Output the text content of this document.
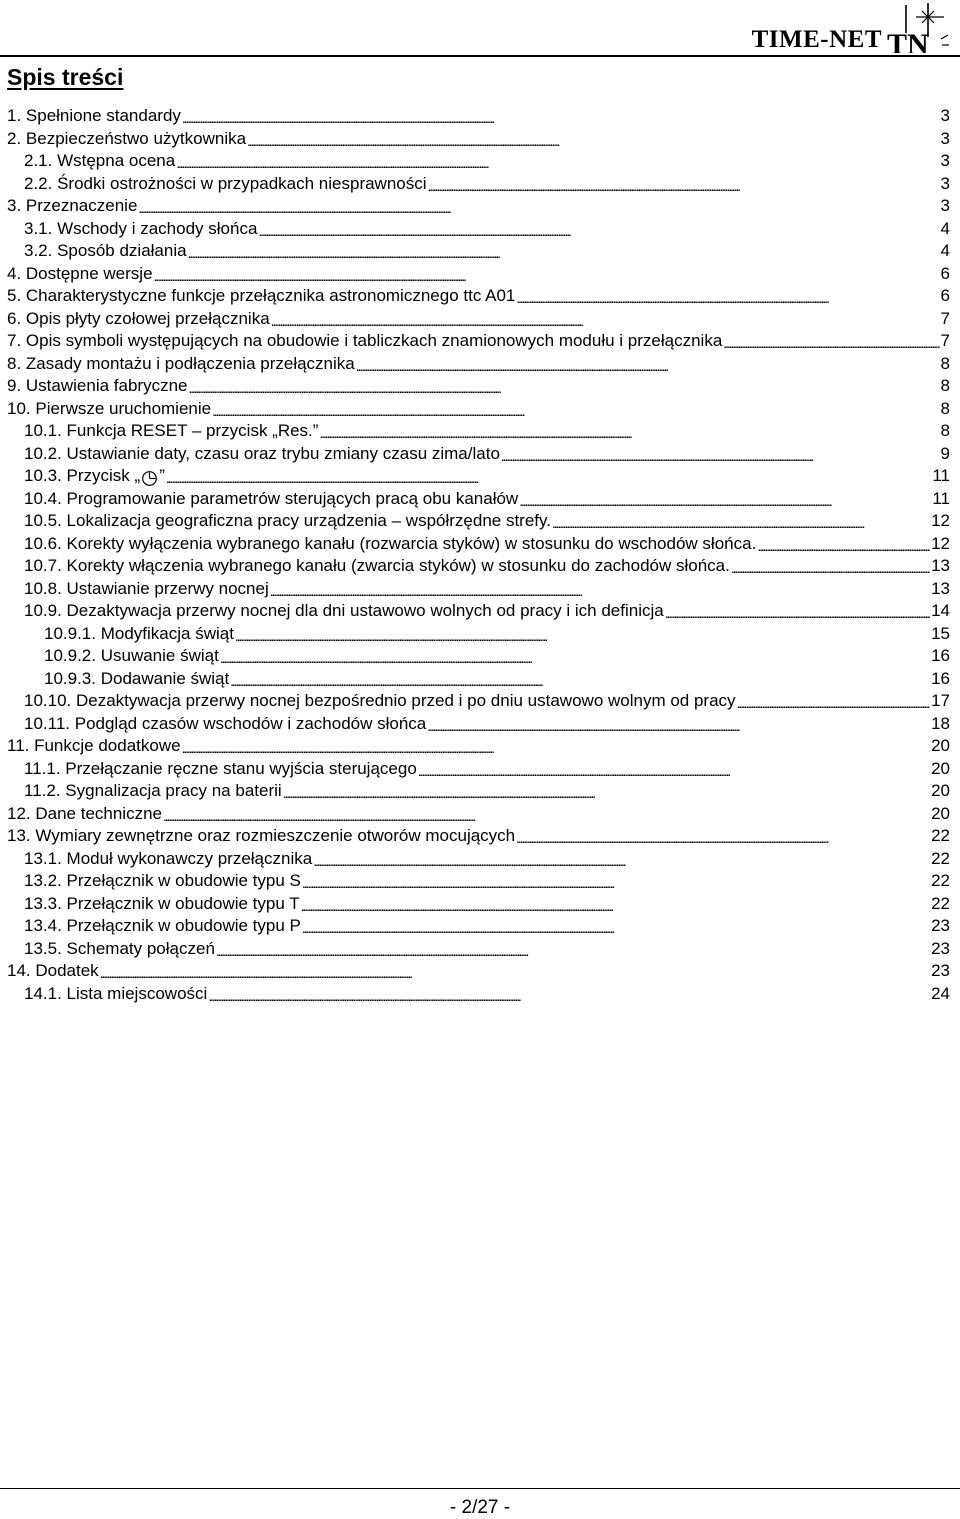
TIME-NET TN
Spis treści
1. Spełnione standardy . . .	3
2. Bezpieczeństwo użytkownika . . .	3
2.1. Wstępna ocena . . .	3
2.2. Środki ostrożności w przypadkach niesprawności . . .	3
3. Przeznaczenie . . .	3
3.1. Wschody i zachody słońca . . .	4
3.2. Sposób działania . . .	4
4. Dostępne wersje . . .	6
5. Charakterystyczne funkcje przełącznika astronomicznego ttc A01 . . .	6
6. Opis płyty czołowej przełącznika . . .	7
7. Opis symboli występujących na obudowie i tabliczkach znamionowych modułu i przełącznika . . .	7
8. Zasady montażu i podłączenia przełącznika . . .	8
9. Ustawienia fabryczne . . .	8
10. Pierwsze uruchomienie . . .	8
10.1. Funkcja RESET – przycisk „Res.” . . .	8
10.2. Ustawianie daty, czasu oraz trybu zmiany czasu zima/lato . . .	9
10.3. Przycisk „ ” . . .	11
10.4. Programowanie parametrów sterujących pracą obu kanałów . . .	11
10.5. Lokalizacja geograficzna pracy urządzenia – współrzędne strefy. . . .	12
10.6. Korekty wyłączenia wybranego kanału (rozwarcia styków) w stosunku do wschodów słońca. . . .	12
10.7. Korekty włączenia wybranego kanału (zwarcia styków) w stosunku do zachodów słońca. . . .	13
10.8. Ustawianie przerwy nocnej . . .	13
10.9. Dezaktywacja przerwy nocnej dla dni ustawowo wolnych od pracy i ich definicja . . .	14
10.9.1. Modyfikacja świąt . . .	15
10.9.2. Usuwanie świąt . . .	16
10.9.3. Dodawanie świąt . . .	16
10.10. Dezaktywacja przerwy nocnej bezpośrednio przed i po dniu ustawowo wolnym od pracy . . .	17
10.11. Podgląd czasów wschodów i zachodów słońca . . .	18
11. Funkcje dodatkowe . . .	20
11.1. Przełączanie ręczne stanu wyjścia sterującego . . .	20
11.2. Sygnalizacja pracy na baterii . . .	20
12. Dane techniczne . . .	20
13. Wymiary zewnętrzne oraz rozmieszczenie otworów mocujących . . .	22
13.1. Moduł wykonawczy przełącznika . . .	22
13.2. Przełącznik w obudowie typu S . . .	22
13.3. Przełącznik w obudowie typu T . . .	22
13.4. Przełącznik w obudowie typu P . . .	23
13.5. Schematy połączeń . . .	23
14. Dodatek . . .	23
14.1. Lista miejscowości . . .	24
- 2/27 -
